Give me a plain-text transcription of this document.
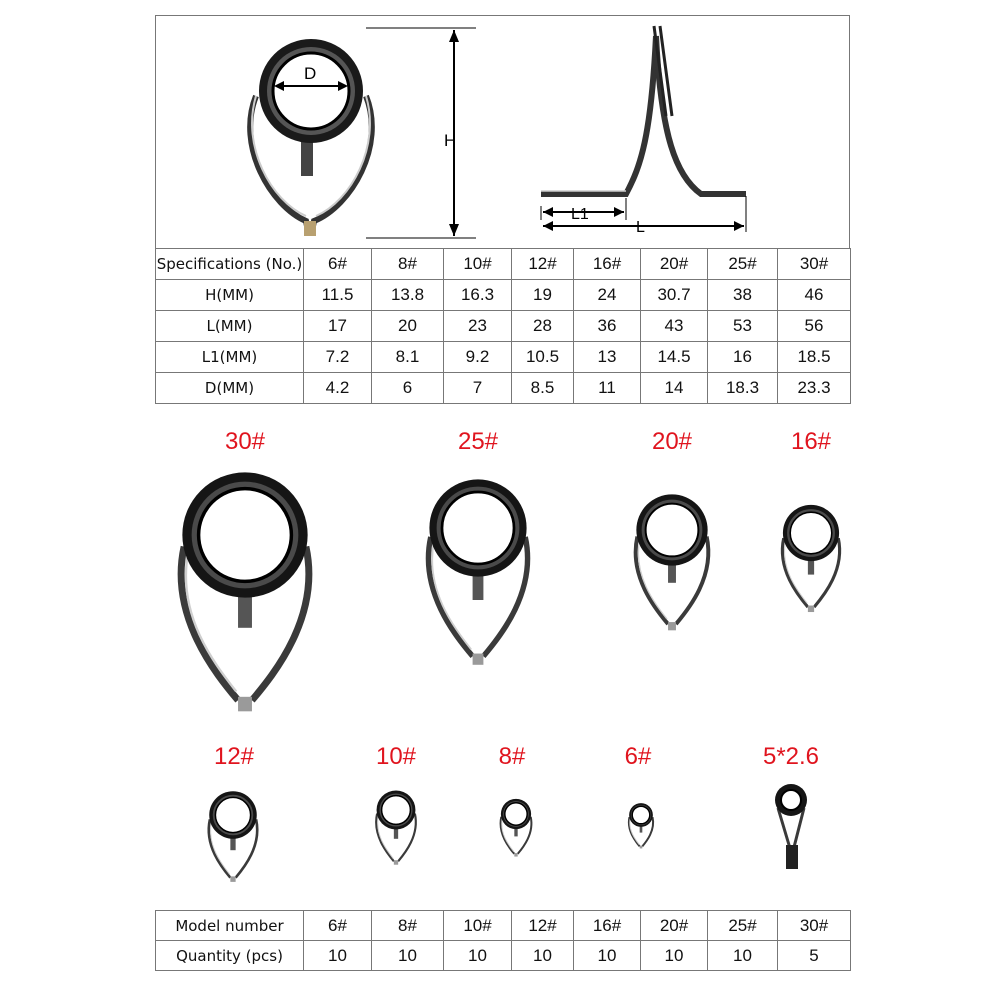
D
H
L1
L
Specifications (No.)	6#	8#	10#	12#	16#	20#	25#	30#
H(MM)	11.5	13.8	16.3	19	24	30.7	38	46
L(MM)	17	20	23	28	36	43	53	56
L1(MM)	7.2	8.1	9.2	10.5	13	14.5	16	18.5
D(MM)	4.2	6	7	8.5	11	14	18.3	23.3
30#	25#	20#	16#
12#	10#	8#	6#	5*2.6
Model number	6#	8#	10#	12#	16#	20#	25#	30#
Quantity (pcs)	10	10	10	10	10	10	10	5
